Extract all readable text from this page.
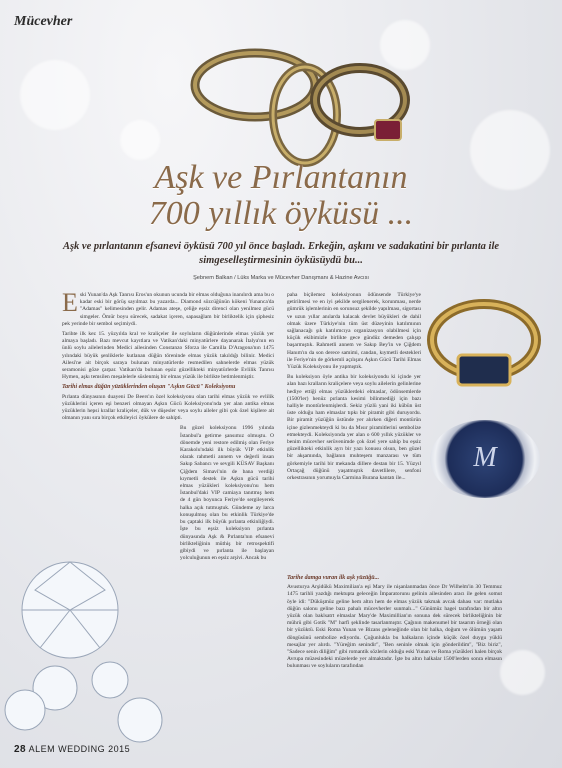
Mücevher
Aşk ve Pırlantanın
700 yıllık öyküsü ...
Aşk ve pırlantanın efsanevi öyküsü 700 yıl önce başladı. Erkeğin, aşkını ve sadakatini bir pırlanta ile simgeselleştirmesinin öyküsüydü bu...
Şebnem Balkan / Lüks Marka ve Mücevher Danışmanı & Hazine Avcısı

Eski Yunan'da Aşk Tanrısı Eros'un okunun ucunda bir elmas olduğuna inanılırdı ama bu o kadar eski bir görüş sayılmaz bu yazarda... Diamond sözcüğünün kökeni Yunanca'da "Adamas" kelimesinden gelir. Adamas ateşe, çeliğe eşsiz direnci olan yenilmez gücü simgeler. Ömür boyu sürecek, sadakat içeren, sapasağlam bir birliktelik için şiphesiz pek yerinde bir sembol seçimiydi.

Tarihte ilk kez 15. yüzyılda kral ve kraliçeler ile soyluların düğünlerinde elmas yüzük yer almaya başladı. Bazı mevcut kayıtlara ve Vatikan'daki minyatürlere dayanarak İtalya'nın en ünlü soylu ailelerinden Medici ailesinden Constanzo Sforza ile Camilla D'Aragona'nın 1475 yılındaki büyük şenliklerle kutlanan düğün töreninde elmas yüzük takıldığı bilinir. Medici Ailesi'ne ait birçok saraya bulunan minyatürlerde resmedilen sahnelerde elmas yüzük seramonisi göze çarpar. Vatikan'da bulunan eşsiz güzellikteki minyatürlerde Evlilik Tanrısı Hymen, aşkı temsilen meşalelerle süslenmiş bir elmas yüzük ile birlikte betimlenmiştir.

Tarihi elmas düğün yüzüklerinden oluşan "Aşkın Gücü" Koleksiyonu

Pırlanta dünyasının duayeni De Beers'ın özel koleksiyonu olan tarihi elmas yüzük ve evlilik yüzüklerini içeren eşi benzeri olmayan Aşkın Gücü Koleksiyonu'nda yer alan antika elmas yüzüklerin hepsi krallar kraliçeler, dük ve düşesler veya soylu aileler gibi çok özel kişilere ait olmanın yanı sıra birçok etkileyici öykülere de sahipti.

Bu güzel koleksiyonu 1996 yılında İstanbul'a getirme şansımız olmuştu. O dönemde yeni restore edilmiş olan Feriye Karakolu'ndaki ilk büyük VIP etkinlik olarak rahmetli annem ve değerli insan Sakıp Sabancı ve sevgili KÜSAV Başkanı Çiğdem Simavi'nin de bana verdiği kıymetli destek ile Aşkın gücü tarihi elmas yüzükleri koleksiyonu'nu hem İstanbul'daki VIP camiaya tanıtmış hem de 4 gün boyunca Feriye'de sergileyerek halka açık tutmuştuk. Gündeme ay larca konuşulmuş olan bu etkinlik Türkiye'de bu çaptaki ilk büyük pırlanta etkinliğiydi. İşte bu eşsiz koleksiyon pırlanta dünyasında Aşk & Pırlanta'nın efsanevi birlikteliğinin müthiş bir retrospektifi gibiydi ve pırlanta ile başlayan yolculuğunun en eşsiz arşivi. Ancak bu

M

paha biçilemez koleksiyonun ödünsende Türkiye'ye getirilmesi ve en iyi şekilde sergilenerek, korunması, nerde gümrük işlemlerinin en sorunsuz şekilde yapılması, sigortası ve uzun yıllar anılarda kalacak devlet büyükleri de dahil olmak üzere Türkiye'nin tüm üst düzeyinin katılımının sağlanacağı şık katılımcıya organizasyon olabilmesi için küçük ekibimizle birlikte gece gündüz demeden çalışıp başarmıştık. Rahmetli annem ve Sakıp Bey'in ve Çiğdem Hanım'ın da son derece samimi, candan, kıymetli destekleri ile Feriye'nin de görkemli açılışını Aşkın Gücü Tarihi Elmas Yüzük Koleksiyonu ile yapmıştık.

Bu koleksiyon öyle antika bir koleksiyondu ki içinde yer alan bazı kralların kraliçelere veya soylu ailelerin gelinlerine hediye ettiği elmas yüzüklerdeki elmaslar, ödönsemlerde (1500'ler) henüz pırlanta kesimi bilinmediği için bazı halliyle montürlenmişlerdi. Sekiz yüzlü yani iki kübün üst üste olduğu ham elmaslar tıpkı bir piramit gibi duruyordu. Bir piramit yüzüğün üstünde yer alırken diğeri montürün içine gizlenmekteydi ki bu da Mısır piramitlerini sembolize etmekteydi. Koleksiyonda yer alan o 600 yıllık yüzükler ve benim mücevher serüvenimde çok özel yere sahip bu eşsiz güzellikteki etkinlik ayrı bir yazı konusu olsun, ben güzel bir akşamında, bağlanın muhteşem manzarası ve tüm görkemiyle tarihi bir mekanda dillere destan bir 15. Yüzyıl Ortaçağ düğünü yaşatmıştık davetlilere, senfoni orkestrasının yorumuyla Carmina Burana kantatı ile...

Tarihe damga vuran ilk aşk yüzüğü...

Avusturya Arşidükü Maximilian'a eşi Mary ile nişanlanmadan önce Dr Wilhelm'in 30 Temmuz 1475 tarihli yazdığı mektupta geleceğin İmparatorunu gelinin ailesinden aracı ile gelen somut öyle idi: "Düküşmüz geline hem altın hem de elmas yüzük takmak avcak dahası var: mutlaka düğün salonu geline bazı pahalı mücevherler sunmalı..." Günümüz hagei tarafından bir altın yüzük olan baklsatrt elmaslar Mary'de Maximillian'ın sonuna dek sürecek birlikteliğinin bir mührü gibi Gotik "M" harfi şeklinde tasarlanmıştır. Çağının makenumel bir tasarım örneği olan bir yüzüktü. Eski Roma Yunan ve Bizans geleneğinde olan bir halka, doğum ve ölümün yaşam döngüsünü sembolize ediyordu. Çoğunlukla bu halkaların içinde küçük özel duygu yüklü mesajlar yer alırdı. "Yüreğim senindir", "Ben seninle olmak için gönderildim", "Biz biriz", "Sadece senin diliğim" gibi romantik sözlerin olduğu eski Yunan ve Roma yüzükleri halen birçok Avrupa müzesindeki müzelerde yer almaktadır. İşte bu altın halkalar 1500'lerden sonra elmasın bulunması ve soyluların tarafından

28 ALEM WEDDING 2015
